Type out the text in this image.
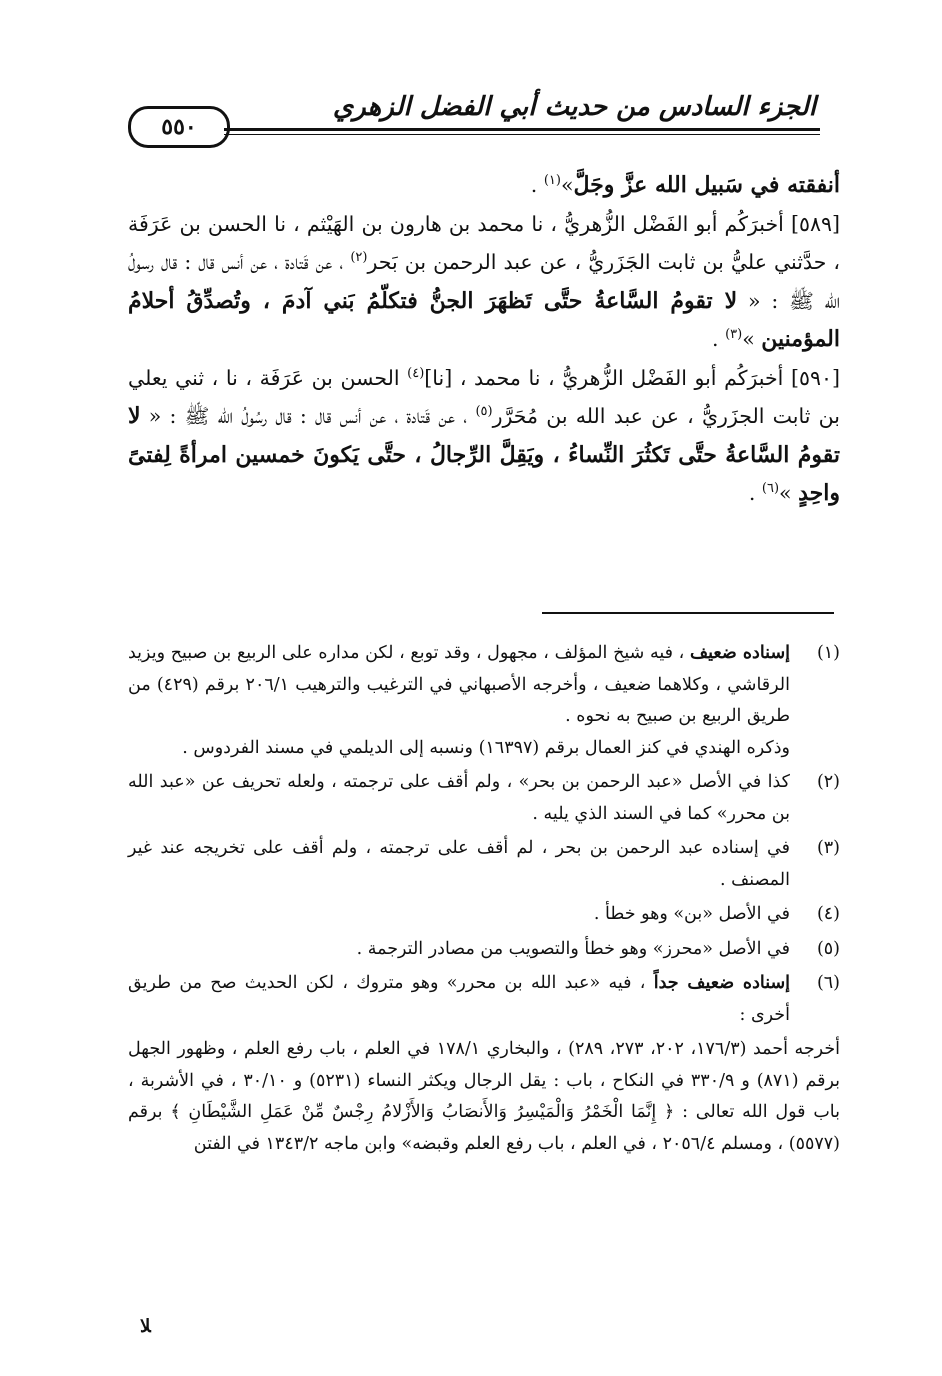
٥٥٠
الجزء السادس من حديث أبي الفضل الزهري

أنفقته في سَبيل الله عزَّ وجَلَّ»$^{(١)}$ .

[٥٨٩] أخبرَكُم أبو الفَضْل الزُّهريُّ ، نا محمد بن هارون بن الهَيْثم ، نا الحسن بن عَرَفَة ، حدَّثني عليُّ بن ثابت الجَزَريُّ ، عن عبد الرحمن بن بَحر$^{(٢)}$ ، عن قَتادة ، عن أنس قال : قال رسولُ الله ﷺ : « لا تقومُ السَّاعةُ حتَّى تَظهَرَ الجنُّ فتكلّمُ بَني آدمَ ، وتُصدِّقُ أحلامُ المؤمنين »$^{(٣)}$ .

[٥٩٠] أخبرَكُم أبو الفَضْل الزُّهريُّ ، نا محمد ، [نا]$^{(٤)}$ الحسن بن عَرَفَة ، نا ، ثني يعلي بن ثابت الجزَريُّ ، عن عبد الله بن مُحَرَّر$^{(٥)}$ ، عن قَتادة ، عن أنس قال : قال رسُولُ الله ﷺ : « لا تقومُ السَّاعةُ حتَّى تَكثُرَ النِّساءُ ، ويَقِلَّ الرِّجالُ ، حتَّى يَكونَ خمسين امرأةً لِفتىً واحِدٍ »$^{(٦)}$ .

(١)
إسناده ضعيف ، فيه شيخ المؤلف ، مجهول ، وقد توبع ، لكن مداره على الربيع بن صبيح ويزيد الرقاشي ، وكلاهما ضعيف ، وأخرجه الأصبهاني في الترغيب والترهيب ٢٠٦/١ برقم (٤٢٩) من طريق الربيع بن صبيح به نحوه .

وذكره الهندي في كنز العمال برقم (١٦٣٩٧) ونسبه إلى الديلمي في مسند الفردوس .

(٢)
كذا في الأصل «عبد الرحمن بن بحر» ، ولم أقف على ترجمته ، ولعله تحريف عن «عبد الله بن محرر» كما في السند الذي يليه .
(٣)
في إسناده عبد الرحمن بن بحر ، لم أقف على ترجمته ، ولم أقف على تخريجه عند غير المصنف .
(٤)
في الأصل «بن» وهو خطأ .
(٥)
في الأصل «محرز» وهو خطأ والتصويب من مصادر الترجمة .
(٦)
إسناده ضعيف جداً ، فيه «عبد الله بن محرر» وهو متروك ، لكن الحديث صح من طريق أخرى :

أخرجه أحمد (١٧٦/٣، ٢٠٢، ٢٧٣، ٢٨٩) ، والبخاري ١٧٨/١ في العلم ، باب رفع العلم ، وظهور الجهل برقم (٨٧١) و ٣٣٠/٩ في النكاح ، باب : يقل الرجال ويكثر النساء (٥٢٣١) و ٣٠/١٠ ، في الأشربة ، باب قول الله تعالى : ﴿ إِنَّمَا الْخَمْرُ وَالْمَيْسِرُ وَالأَنصَابُ وَالأَزْلامُ رِجْسٌ مِّنْ عَمَلِ الشَّيْطَانِ ﴾ برقم (٥٥٧٧) ، ومسلم ٢٠٥٦/٤ ، في العلم ، باب رفع العلم وقبضه» وابن ماجه ١٣٤٣/٢ في الفتن

ﻼ
